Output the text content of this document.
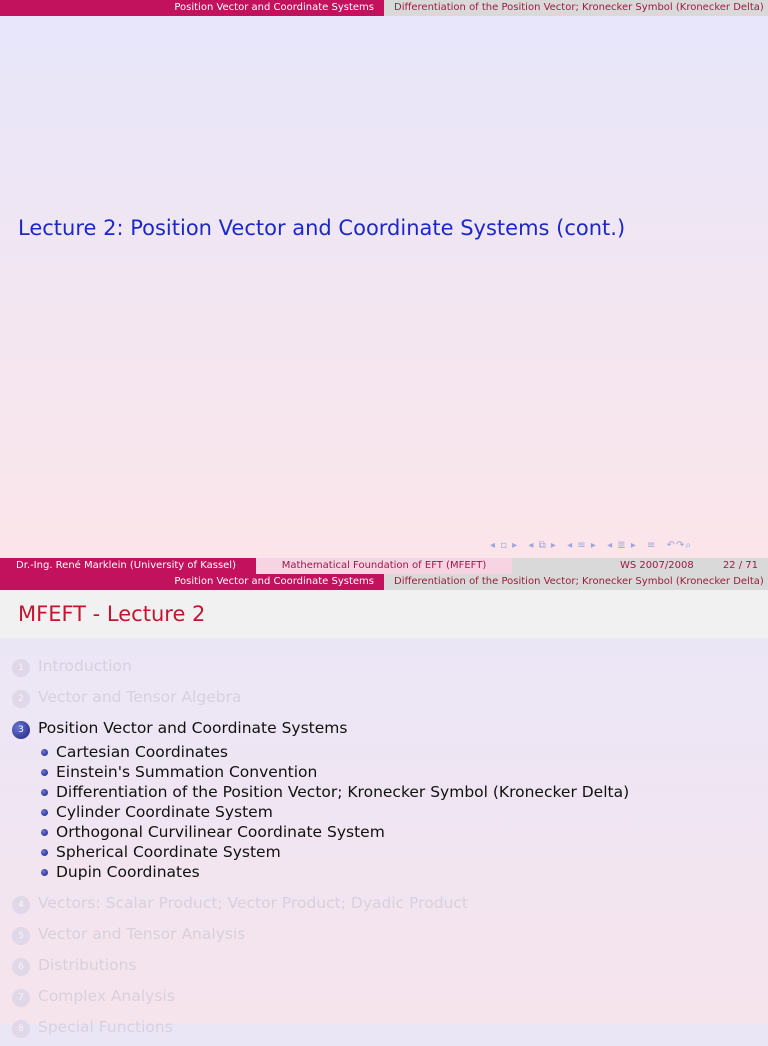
Position Vector and Coordinate Systems	Differentiation of the Position Vector; Kronecker Symbol (Kronecker Delta)
Lecture 2: Position Vector and Coordinate Systems (cont.)
◂ ▫ ▸ ◂ ⧉ ▸ ◂ ≡ ▸ ◂ ≣ ▸ ≡ ↶↷⌕
Dr.-Ing. René Marklein (University of Kassel)	Mathematical Foundation of EFT (MFEFT)	WS 2007/2008	22 / 71
Position Vector and Coordinate Systems	Differentiation of the Position Vector; Kronecker Symbol (Kronecker Delta)
MFEFT - Lecture 2
1 Introduction
2 Vector and Tensor Algebra
3 Position Vector and Coordinate Systems
Cartesian Coordinates
Einstein's Summation Convention
Differentiation of the Position Vector; Kronecker Symbol (Kronecker Delta)
Cylinder Coordinate System
Orthogonal Curvilinear Coordinate System
Spherical Coordinate System
Dupin Coordinates
4 Vectors: Scalar Product; Vector Product; Dyadic Product
5 Vector and Tensor Analysis
6 Distributions
7 Complex Analysis
8 Special Functions
